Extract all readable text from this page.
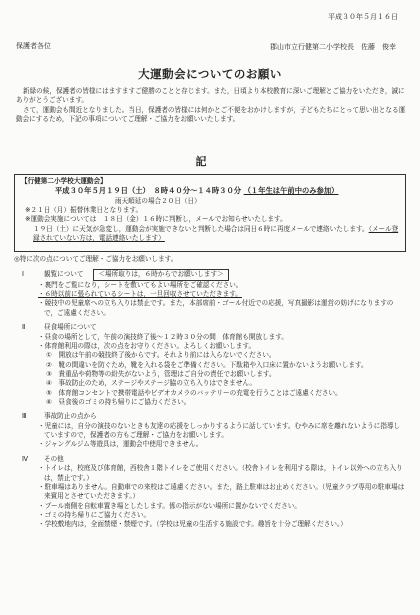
平成３０年５月１６日
保護者各位	郡山市立行健第二小学校長　佐藤　俊幸
大運動会についてのお願い

新緑の候，保護者の皆様にはますますご健勝のことと存じます。また，日頃より本校教育に深いご理解とご協力をいただき，誠にありがとうございます。

さて，運動会も間近となりました。当日，保護者の皆様には何かとご不便をおかけしますが，子どもたちにとって思い出となる運動会にするため，下記の事項についてご理解・ご協力をお願いいたします。

記
【行健第二小学校大運動会】
平成３０年５月１９日（土）　８時４０分～１４時３０分 （１年生は午前中のみ参加）
雨天順延の場合２０日（日）
※２１日（月）振替休業日となります。
※運動会実施については　１８日（金）１６時に判断し，メールでお知らせいたします。
１９日（土）に天気が急変し，運動会が実施できないと判断した場合は同日６時に再度メールで連絡いたします。（メール登録されていない方は，電話連絡いたします）
◎特に次の点についてご理解・ご協力をお願いします。
Ⅰ	観覧について ＜場所取りは，６時からでお願いします＞
・裏門をご覧になり，シートを敷いてもよい場所をご確認ください。
・６時以前に張られているシートは，一旦回収させていただきます。
・競技中の児童席への立ち入りは禁止です。また，本部席前・ゴール付近での応援，写真撮影は運営の妨げになりますので，ご遠慮ください。
Ⅱ	昼食場所について
・昼食の場所として，午前の演技終了後～１２時３０分の間　体育館も開放します。
・体育館利用の際は，次の点をお守りください。よろしくお願いします。
①　開放は午前の競技終了後からです。それより前には入らないでください。
②　靴の間違いを防ぐため，靴を入れる袋をご準備ください。下駄箱や入口床に置かないようお願いします。
③　貴重品や荷物等の紛失がないよう，管理はご自分の責任でお願いします。
④　事故防止のため，ステージやステージ脇の立ち入りはできません。
⑤　体育館コンセントで携帯電話やビデオカメラのバッテリーの充電を行うことはご遠慮ください。
⑥　昼食後のゴミの持ち帰りにご協力ください。
Ⅲ	事故防止の点から
・児童には，自分の演技のないときも友達の応援をしっかりするように話しています。むやみに席を離れないように指導していますので，保護者の方もご理解・ご協力をお願いします。
・ジャングルジム等遊具は，運動会中使用できません。
Ⅳ その他
・トイレは，校庭及び体育館，西校舎１階トイレをご使用ください。（校舎トイレを利用する際は，トイレ以外への立ち入りは，禁止です。）
・駐車場はありません。自動車での来校はご遠慮ください。また，路上駐車はお止めください。（児童クラブ専用の駐車場は来賓用とさせていただきます。）
・プール南側を自転車置き場としたします。係の指示がない場所に置かないでください。
・ゴミの持ち帰りにご協力ください。
・学校敷地内は，全面禁煙・禁煙です。（学校は児童の生活する施設です。趣旨を十分ご理解ください。）
